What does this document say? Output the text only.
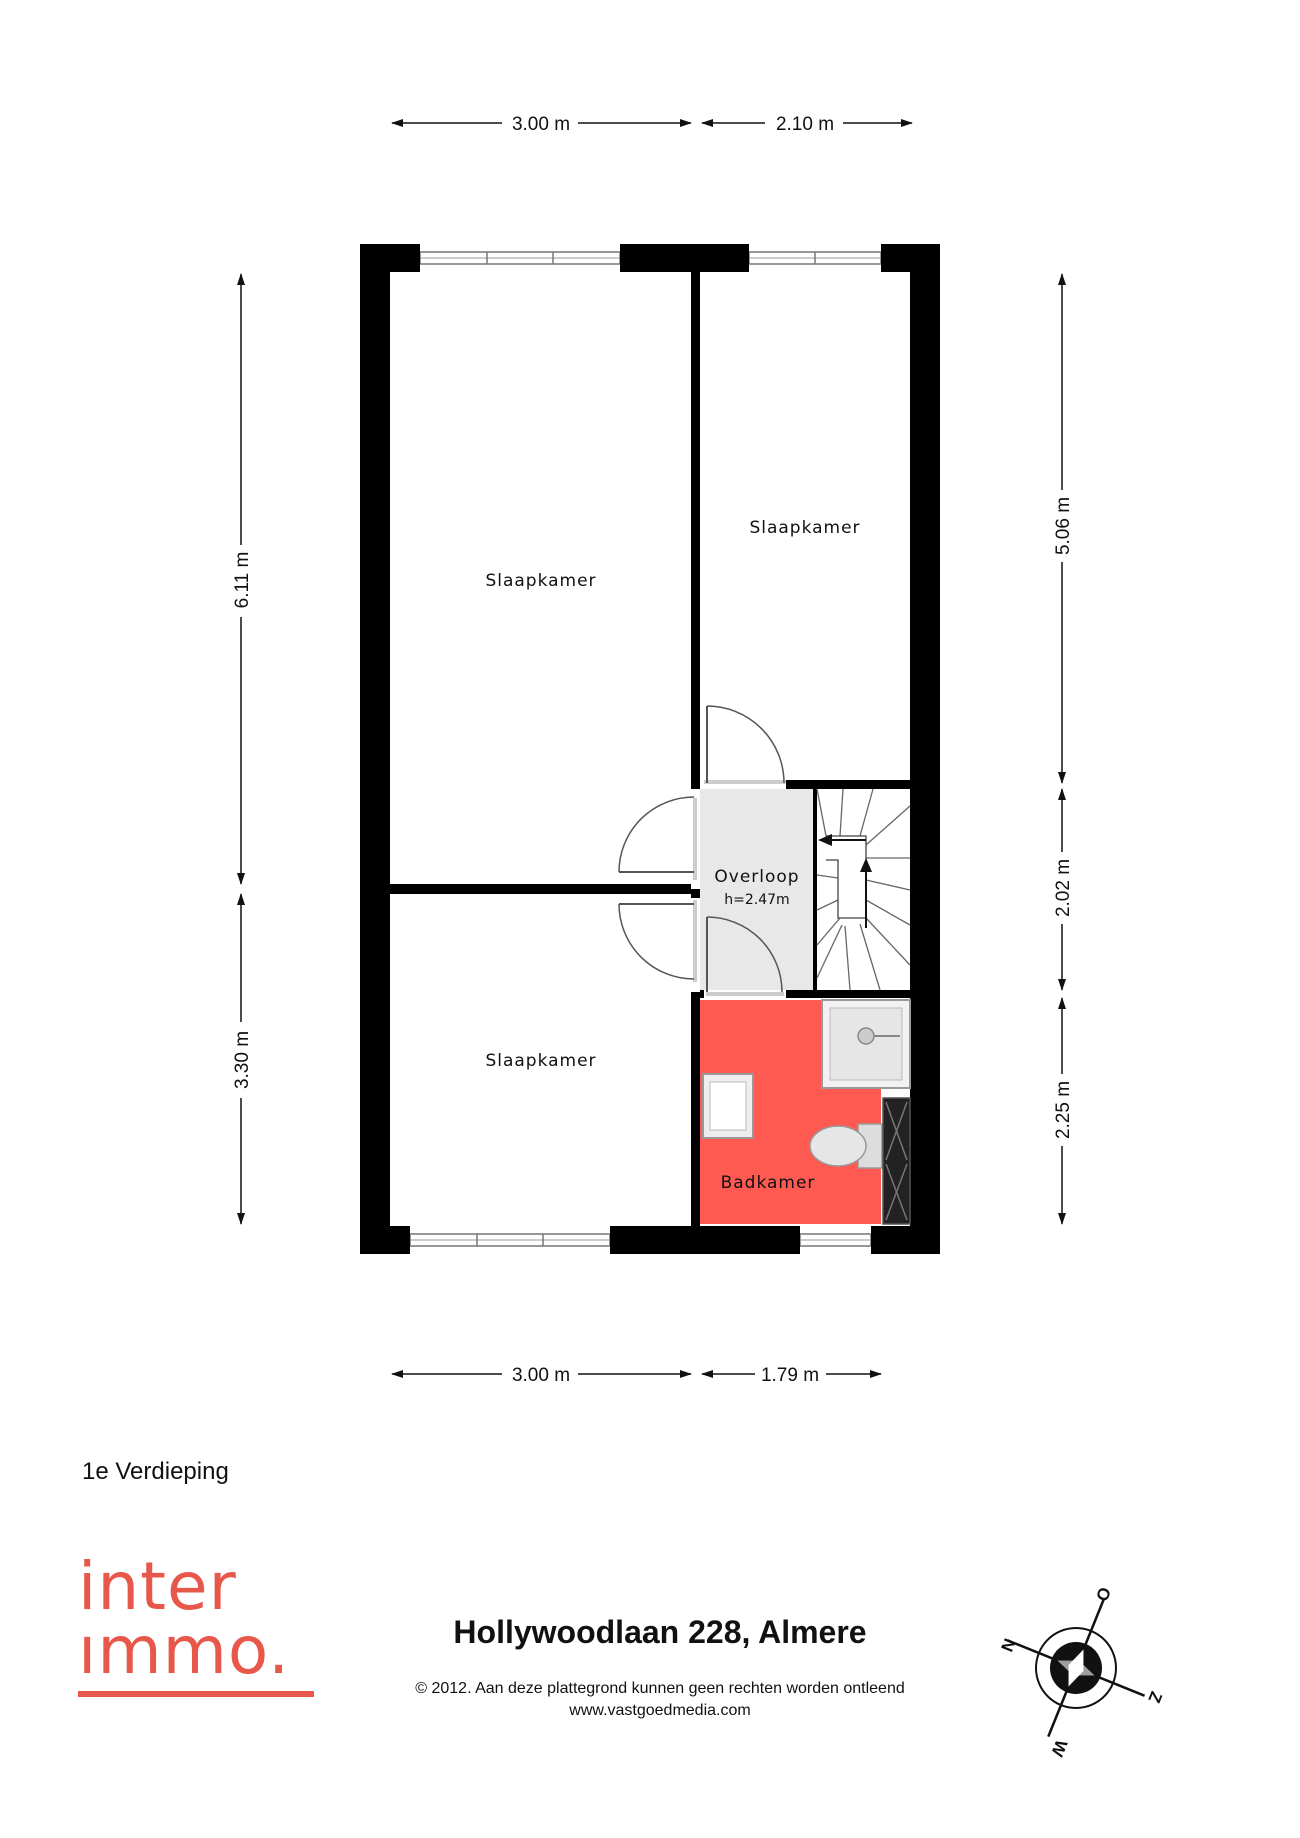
3.00 m	2.10 m
3.00 m	1.79 m
6.11 m
3.30 m
5.06 m
2.02 m
2.25 m
Slaapkamer
Slaapkamer
Slaapkamer
Overloop
h=2.47m
Badkamer
N
O
Z
W
1e Verdieping
inter
ımmo.	Hollywoodlaan 228, Almere
© 2012. Aan deze plattegrond kunnen geen rechten worden ontleend
www.vastgoedmedia.com
